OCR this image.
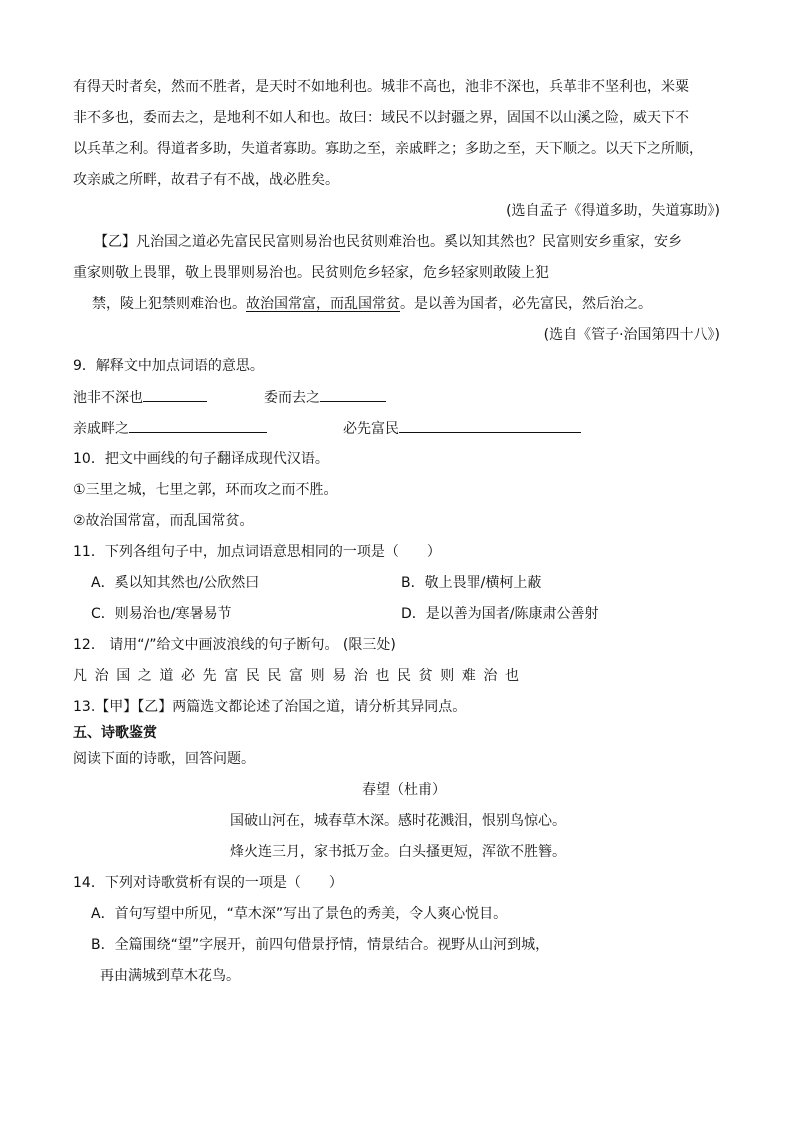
有得天时者矣，然而不胜者，是天时不如地利也。城非不高也，池非不深也，兵革非不坚利也，米粟
非不多也，委而去之，是地利不如人和也。故曰：域民不以封疆之界，固国不以山溪之险，威天下不
以兵革之利。得道者多助，失道者寡助。寡助之至，亲戚畔之；多助之至，天下顺之。以天下之所顺，
攻亲戚之所畔，故君子有不战，战必胜矣。
(选自孟子《得道多助，失道寡助》)
【乙】凡治国之道必先富民民富则易治也民贫则难治也。奚以知其然也？民富则安乡重家，安乡
重家则敬上畏罪，敬上畏罪则易治也。民贫则危乡轻家，危乡轻家则敢陵上犯
禁，陵上犯禁则难治也。故治国常富，而乱国常贫。是以善为国者，必先富民，然后治之。
(选自《管子·治国第四十八》)
9．解释文中加点词语的意思。
池非不深也	委而去之
亲戚畔之	必先富民
10．把文中画线的句子翻译成现代汉语。
①三里之城，七里之郭，环而攻之而不胜。
②故治国常富，而乱国常贫。
11．下列各组句子中，加点词语意思相同的一项是（　　）
A．奚以知其然也/公欣然曰	B．敬上畏罪/横柯上蔽
C．则易治也/寒暑易节	D．是以善为国者/陈康肃公善射
12． 请用“/”给文中画波浪线的句子断句。 (限三处)
凡治国之道必先富民民富则易治也民贫则难治也
13.【甲】【乙】两篇选文都论述了治国之道，请分析其异同点。
五、诗歌鉴赏
阅读下面的诗歌，回答问题。
春望（杜甫）
国破山河在，城春草木深。感时花溅泪，恨别鸟惊心。
烽火连三月，家书抵万金。白头搔更短，浑欲不胜簪。
14．下列对诗歌赏析有误的一项是（　　）
A．首句写望中所见，“草木深”写出了景色的秀美，令人爽心悦目。
B．全篇围绕“望”字展开，前四句借景抒情，情景结合。视野从山河到城，
再由满城到草木花鸟。
